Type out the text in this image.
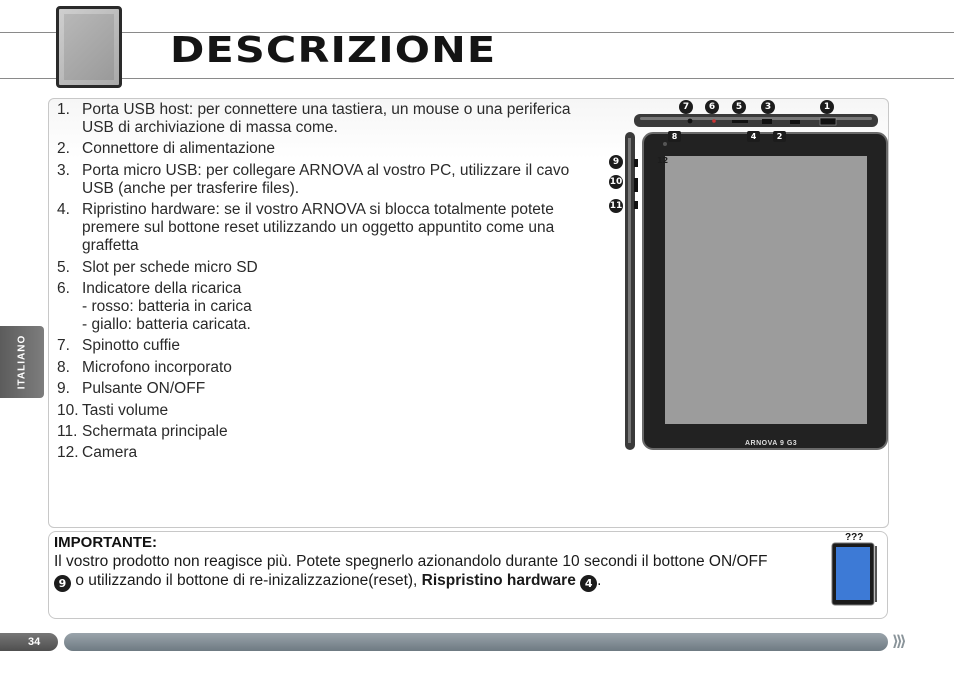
DESCRIZIONE
ITALIANO
1. Porta USB host: per connettere una tastiera, un mouse o una periferica USB di archiviazione di massa come.
2. Connettore di alimentazione
3. Porta micro USB: per collegare ARNOVA al vostro PC, utilizzare il cavo USB (anche per trasferire files).
4. Ripristino hardware: se il vostro ARNOVA si blocca totalmente potete premere sul bottone reset utilizzando un oggetto appuntito come una graffetta
5. Slot per schede micro SD
6. Indicatore della ricarica
- rosso: batteria in carica
- giallo: batteria caricata.
7. Spinotto cuffie
8. Microfono incorporato
9. Pulsante ON/OFF
10. Tasti volume
11. Schermata principale
12. Camera
7	6	5	3	1
8	4	2
9
10
11
12
ARNOVA 9 G3
IMPORTANTE:

Il vostro prodotto non reagisce più. Potete spegnerlo azionandolo durante 10 secondi il bottone ON/OFF
9 o utilizzando il bottone di re-inizalizzazione(reset), Rispristino hardware 4 .

???
34	⟩⟩⟩
